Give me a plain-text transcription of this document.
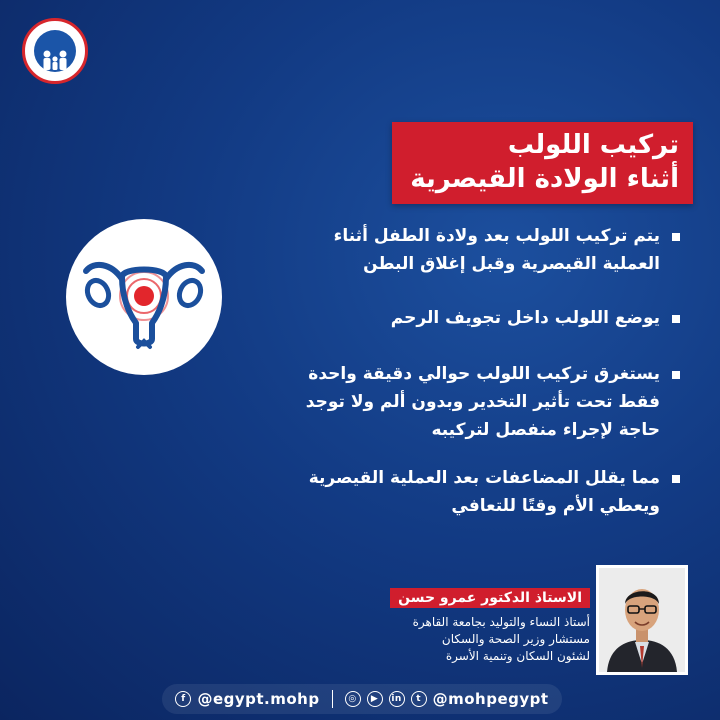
تركيب اللولب
أثناء الولادة القيصرية
يتم تركيب اللولب بعد ولادة الطفل أثناء
العملية القيصرية وقبل إغلاق البطن
يوضع اللولب داخل تجويف الرحم
يستغرق تركيب اللولب حوالي دقيقة واحدة
فقط تحت تأثير التخدير وبدون ألم ولا توجد
حاجة لإجراء منفصل لتركيبه
مما يقلل المضاعفات بعد العملية القيصرية
ويعطي الأم وقتًا للتعافي
الاستاذ الدكتور عمرو حسن
أستاذ النساء والتوليد بجامعة القاهرة
مستشار وزير الصحة والسكان
لشئون السكان وتنمية الأسرة
f @egypt.mohp	◎	▶	in	t @mohpegypt
